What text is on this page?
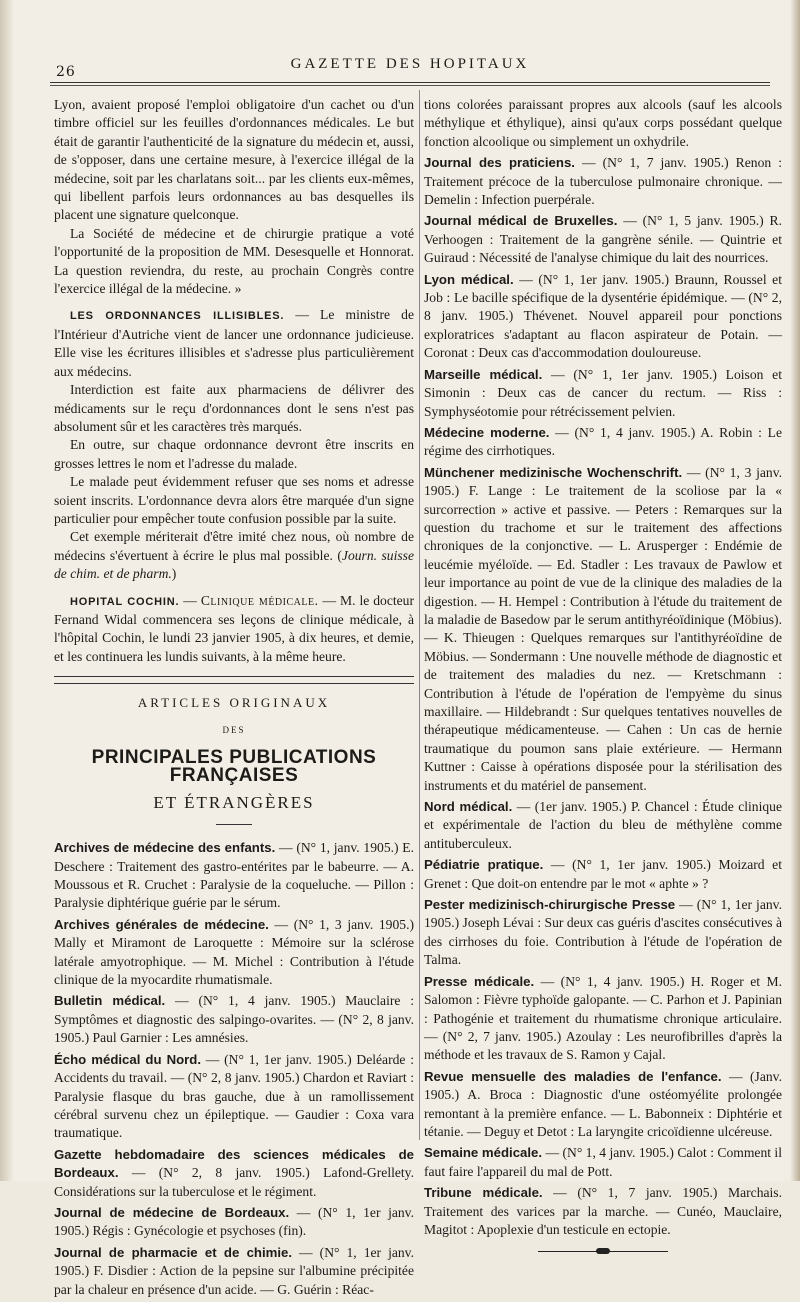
26	GAZETTE DES HOPITAUX

Lyon, avaient proposé l'emploi obligatoire d'un cachet ou d'un timbre officiel sur les feuilles d'ordonnances médicales. Le but était de garantir l'authenticité de la signature du médecin et, aussi, de s'opposer, dans une certaine mesure, à l'exercice illégal de la médecine, soit par les charlatans soit... par les clients eux-mêmes, qui libellent parfois leurs ordonnances au bas desquelles ils placent une signature quelconque.

La Société de médecine et de chirurgie pratique a voté l'opportunité de la proposition de MM. Desesquelle et Honnorat. La question reviendra, du reste, au prochain Congrès contre l'exercice illégal de la médecine. »

LES ORDONNANCES ILLISIBLES. — Le ministre de l'Intérieur d'Autriche vient de lancer une ordonnance judicieuse. Elle vise les écritures illisibles et s'adresse plus particulièrement aux médecins.

Interdiction est faite aux pharmaciens de délivrer des médicaments sur le reçu d'ordonnances dont le sens n'est pas absolument sûr et les caractères très marqués.

En outre, sur chaque ordonnance devront être inscrits en grosses lettres le nom et l'adresse du malade.

Le malade peut évidemment refuser que ses noms et adresse soient inscrits. L'ordonnance devra alors être marquée d'un signe particulier pour empêcher toute confusion possible par la suite.

Cet exemple mériterait d'être imité chez nous, où nombre de médecins s'évertuent à écrire le plus mal possible. (Journ. suisse de chim. et de pharm.)

HOPITAL COCHIN. — Clinique médicale. — M. le docteur Fernand Widal commencera ses leçons de clinique médicale, à l'hôpital Cochin, le lundi 23 janvier 1905, à dix heures, et demie, et les continuera les lundis suivants, à la même heure.

ARTICLES ORIGINAUX
DES
PRINCIPALES PUBLICATIONS FRANÇAISES
ET ÉTRANGÈRES

Archives de médecine des enfants. — (N° 1, janv. 1905.) E. Deschere : Traitement des gastro-entérites par le babeurre. — A. Moussous et R. Cruchet : Paralysie de la coqueluche. — Pillon : Paralysie diphtérique guérie par le sérum.

Archives générales de médecine. — (N° 1, 3 janv. 1905.) Mally et Miramont de Laroquette : Mémoire sur la sclérose latérale amyotrophique. — M. Michel : Contribution à l'étude clinique de la myocardite rhumatismale.

Bulletin médical. — (N° 1, 4 janv. 1905.) Mauclaire : Symptômes et diagnostic des salpingo-ovarites. — (N° 2, 8 janv. 1905.) Paul Garnier : Les amnésies.

Écho médical du Nord. — (N° 1, 1er janv. 1905.) Deléarde : Accidents du travail. — (N° 2, 8 janv. 1905.) Chardon et Raviart : Paralysie flasque du bras gauche, due à un ramollissement cérébral survenu chez un épileptique. — Gaudier : Coxa vara traumatique.

Gazette hebdomadaire des sciences médicales de Bordeaux. — (N° 2, 8 janv. 1905.) Lafond-Grellety. Considérations sur la tuberculose et le régiment.

Journal de médecine de Bordeaux. — (N° 1, 1er janv. 1905.) Régis : Gynécologie et psychoses (fin).

Journal de pharmacie et de chimie. — (N° 1, 1er janv. 1905.) F. Disdier : Action de la pepsine sur l'albumine précipitée par la chaleur en présence d'un acide. — G. Guérin : Réac-

tions colorées paraissant propres aux alcools (sauf les alcools méthylique et éthylique), ainsi qu'aux corps possédant quelque fonction alcoolique ou simplement un oxhydrile.

Journal des praticiens. — (N° 1, 7 janv. 1905.) Renon : Traitement précoce de la tuberculose pulmonaire chronique. — Demelin : Infection puerpérale.

Journal médical de Bruxelles. — (N° 1, 5 janv. 1905.) R. Verhoogen : Traitement de la gangrène sénile. — Quintrie et Guiraud : Nécessité de l'analyse chimique du lait des nourrices.

Lyon médical. — (N° 1, 1er janv. 1905.) Braunn, Roussel et Job : Le bacille spécifique de la dysentérie épidémique. — (N° 2, 8 janv. 1905.) Thévenet. Nouvel appareil pour ponctions exploratrices s'adaptant au flacon aspirateur de Potain. — Coronat : Deux cas d'accommodation douloureuse.

Marseille médical. — (N° 1, 1er janv. 1905.) Loison et Simonin : Deux cas de cancer du rectum. — Riss : Symphyséotomie pour rétrécissement pelvien.

Médecine moderne. — (N° 1, 4 janv. 1905.) A. Robin : Le régime des cirrhotiques.

Münchener medizinische Wochenschrift. — (N° 1, 3 janv. 1905.) F. Lange : Le traitement de la scoliose par la « surcorrection » active et passive. — Peters : Remarques sur la question du trachome et sur le traitement des affections chroniques de la conjonctive. — L. Arusperger : Endémie de leucémie myéloïde. — Ed. Stadler : Les travaux de Pawlow et leur importance au point de vue de la clinique des maladies de la digestion. — H. Hempel : Contribution à l'étude du traitement de la maladie de Basedow par le serum antithyréoïdinique (Möbius). — K. Thieugen : Quelques remarques sur l'antithyréoïdine de Möbius. — Sondermann : Une nouvelle méthode de diagnostic et de traitement des maladies du nez. — Kretschmann : Contribution à l'étude de l'opération de l'empyème du sinus maxillaire. — Hildebrandt : Sur quelques tentatives nouvelles de thérapeutique médicamenteuse. — Cahen : Un cas de hernie traumatique du poumon sans plaie extérieure. — Hermann Kuttner : Caisse à opérations disposée pour la stérilisation des instruments et du matériel de pansement.

Nord médical. — (1er janv. 1905.) P. Chancel : Étude clinique et expérimentale de l'action du bleu de méthylène comme antituberculeux.

Pédiatrie pratique. — (N° 1, 1er janv. 1905.) Moizard et Grenet : Que doit-on entendre par le mot « aphte » ?

Pester medizinisch-chirurgische Presse — (N° 1, 1er janv. 1905.) Joseph Lévai : Sur deux cas guéris d'ascites consécutives à des cirrhoses du foie. Contribution à l'étude de l'opération de Talma.

Presse médicale. — (N° 1, 4 janv. 1905.) H. Roger et M. Salomon : Fièvre typhoïde galopante. — C. Parhon et J. Papinian : Pathogénie et traitement du rhumatisme chronique articulaire. — (N° 2, 7 janv. 1905.) Azoulay : Les neurofibrilles d'après la méthode et les travaux de S. Ramon y Cajal.

Revue mensuelle des maladies de l'enfance. — (Janv. 1905.) A. Broca : Diagnostic d'une ostéomyélite prolongée remontant à la première enfance. — L. Babonneix : Diphtérie et tétanie. — Deguy et Detot : La laryngite cricoïdienne ulcéreuse.

Semaine médicale. — (N° 1, 4 janv. 1905.) Calot : Comment il faut faire l'appareil du mal de Pott.

Tribune médicale. — (N° 1, 7 janv. 1905.) Marchais. Traitement des varices par la marche. — Cunéo, Mauclaire, Magitot : Apoplexie d'un testicule en ectopie.
